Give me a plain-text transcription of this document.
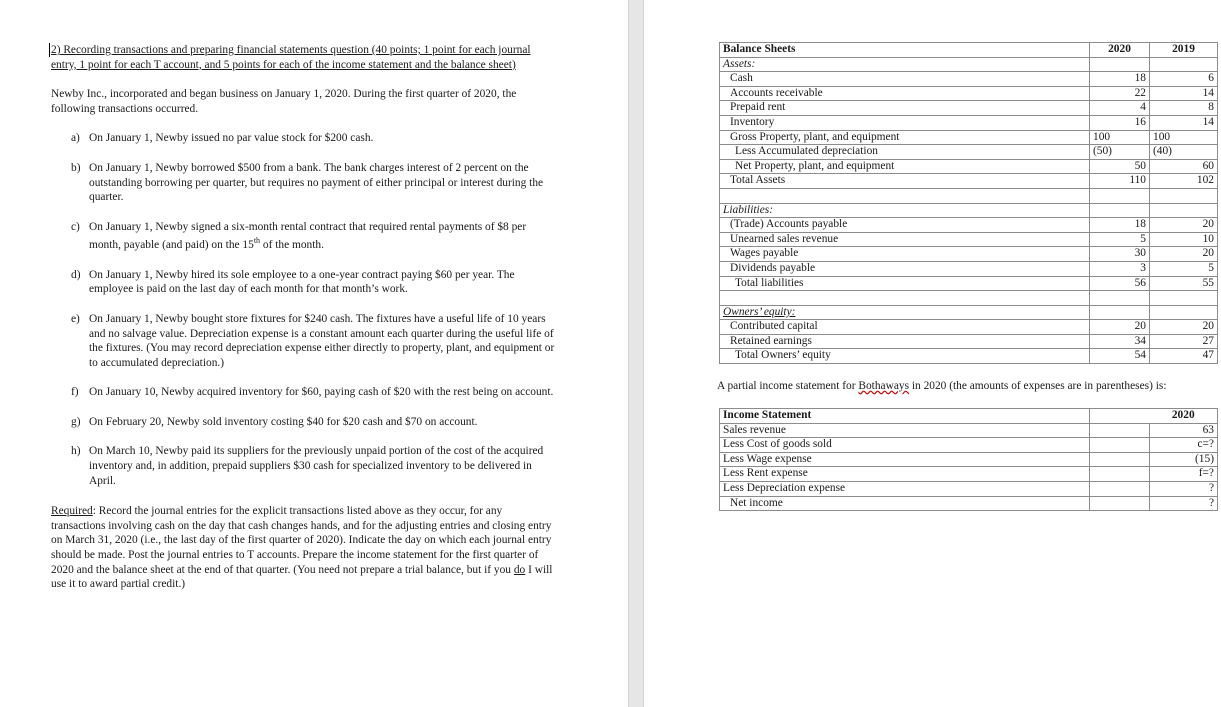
2) Recording transactions and preparing financial statements question (40 points; 1 point for each journal entry, 1 point for each T account, and 5 points for each of the income statement and the balance sheet)

Newby Inc., incorporated and began business on January 1, 2020. During the first quarter of 2020, the following transactions occurred.

a) On January 1, Newby issued no par value stock for $200 cash.
b) On January 1, Newby borrowed $500 from a bank. The bank charges interest of 2 percent on the outstanding borrowing per quarter, but requires no payment of either principal or interest during the quarter.
c) On January 1, Newby signed a six-month rental contract that required rental payments of $8 per month, payable (and paid) on the 15th of the month.
d) On January 1, Newby hired its sole employee to a one-year contract paying $60 per year. The employee is paid on the last day of each month for that month’s work.
e) On January 1, Newby bought store fixtures for $240 cash. The fixtures have a useful life of 10 years and no salvage value. Depreciation expense is a constant amount each quarter during the useful life of the fixtures. (You may record depreciation expense either directly to property, plant, and equipment or to accumulated depreciation.)
f) On January 10, Newby acquired inventory for $60, paying cash of $20 with the rest being on account.
g) On February 20, Newby sold inventory costing $40 for $20 cash and $70 on account.
h) On March 10, Newby paid its suppliers for the previously unpaid portion of the cost of the acquired inventory and, in addition, prepaid suppliers $30 cash for specialized inventory to be delivered in April.

Required: Record the journal entries for the explicit transactions listed above as they occur, for any transactions involving cash on the day that cash changes hands, and for the adjusting entries and closing entry on March 31, 2020 (i.e., the last day of the first quarter of 2020). Indicate the day on which each journal entry should be made. Post the journal entries to T accounts. Prepare the income statement for the first quarter of 2020 and the balance sheet at the end of that quarter. (You need not prepare a trial balance, but if you do I will use it to award partial credit.)

Balance Sheets	2020	2019
Assets:		
Cash	18	6
Accounts receivable	22	14
Prepaid rent	4	8
Inventory	16	14
Gross Property, plant, and equipment	100	100
Less Accumulated depreciation	(50)	(40)
Net Property, plant, and equipment	50	60
Total Assets	110	102

Liabilities:		
(Trade) Accounts payable	18	20
Unearned sales revenue	5	10
Wages payable	30	20
Dividends payable	3	5
Total liabilities	56	55

Owners’ equity:		
Contributed capital	20	20
Retained earnings	34	27
Total Owners’ equity	54	47
A partial income statement for Bothaways in 2020 (the amounts of expenses are in parentheses) is:
Income Statement		2020
Sales revenue		63
Less Cost of goods sold		c=?
Less Wage expense		(15)
Less Rent expense		f=?
Less Depreciation expense		?
Net income		?
